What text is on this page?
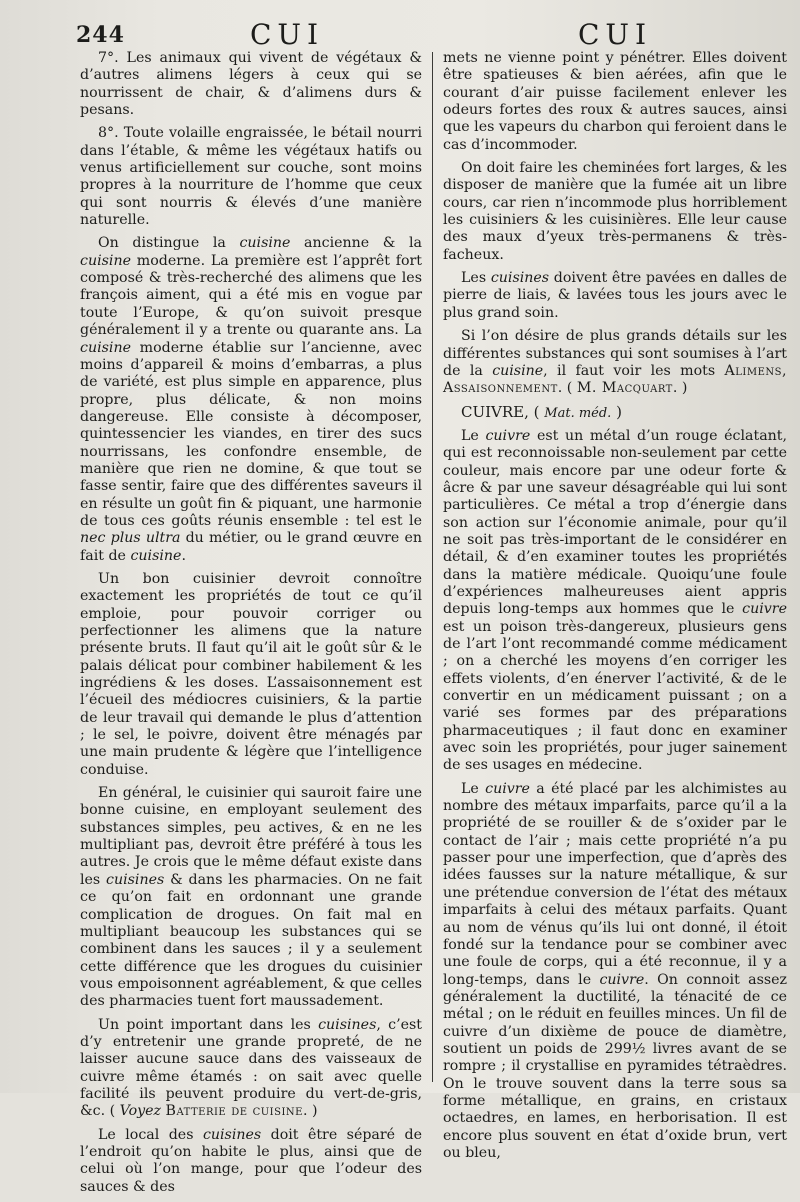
244	CUI	CUI

7°. Les animaux qui vivent de végétaux & d’autres alimens légers à ceux qui se nourrissent de chair, & d’alimens durs & pesans.

8°. Toute volaille engraissée, le bétail nourri dans l’étable, & même les végétaux hatifs ou venus artificiellement sur couche, sont moins propres à la nourriture de l’homme que ceux qui sont nourris & élevés d’une manière naturelle.

On distingue la cuisine ancienne & la cuisine moderne. La première est l’apprêt fort composé & très-recherché des alimens que les françois aiment, qui a été mis en vogue par toute l’Europe, & qu’on suivoit presque généralement il y a trente ou quarante ans. La cuisine moderne établie sur l’ancienne, avec moins d’appareil & moins d’embarras, a plus de variété, est plus simple en apparence, plus propre, plus délicate, & non moins dangereuse. Elle consiste à décomposer, quintessencier les viandes, en tirer des sucs nourrissans, les confondre ensemble, de manière que rien ne domine, & que tout se fasse sentir, faire que des différentes saveurs il en résulte un goût fin & piquant, une harmonie de tous ces goûts réunis ensemble : tel est le nec plus ultra du métier, ou le grand œuvre en fait de cuisine.

Un bon cuisinier devroit connoître exactement les propriétés de tout ce qu’il emploie, pour pouvoir corriger ou perfectionner les alimens que la nature présente bruts. Il faut qu’il ait le goût sûr & le palais délicat pour combiner habilement & les ingrédiens & les doses. L’assaisonnement est l’écueil des médiocres cuisiniers, & la partie de leur travail qui demande le plus d’attention ; le sel, le poivre, doivent être ménagés par une main prudente & légère que l’intelligence conduise.

En général, le cuisinier qui sauroit faire une bonne cuisine, en employant seulement des substances simples, peu actives, & en ne les multipliant pas, devroit être préféré à tous les autres. Je crois que le même défaut existe dans les cuisines & dans les pharmacies. On ne fait ce qu’on fait en ordonnant une grande complication de drogues. On fait mal en multipliant beaucoup les substances qui se combinent dans les sauces ; il y a seulement cette différence que les drogues du cuisinier vous empoisonnent agréablement, & que celles des pharmacies tuent fort maussadement.

Un point important dans les cuisines, c’est d’y entretenir une grande propreté, de ne laisser aucune sauce dans des vaisseaux de cuivre même étamés : on sait avec quelle facilité ils peuvent produire du vert-de-gris, &c. ( Voyez Batterie de cuisine. )

Le local des cuisines doit être séparé de l’endroit qu’on habite le plus, ainsi que de celui où l’on mange, pour que l’odeur des sauces & des

mets ne vienne point y pénétrer. Elles doivent être spatieuses & bien aérées, afin que le courant d’air puisse facilement enlever les odeurs fortes des roux & autres sauces, ainsi que les vapeurs du charbon qui feroient dans le cas d’incommoder.

On doit faire les cheminées fort larges, & les disposer de manière que la fumée ait un libre cours, car rien n’incommode plus horriblement les cuisiniers & les cuisinières. Elle leur cause des maux d’yeux très-permanens & très-facheux.

Les cuisines doivent être pavées en dalles de pierre de liais, & lavées tous les jours avec le plus grand soin.

Si l’on désire de plus grands détails sur les différentes substances qui sont soumises à l’art de la cuisine, il faut voir les mots Alimens, Assaisonnement. ( M. Macquart. )

CUIVRE, ( Mat. méd. )

Le cuivre est un métal d’un rouge éclatant, qui est reconnoissable non-seulement par cette couleur, mais encore par une odeur forte & âcre & par une saveur désagréable qui lui sont particulières. Ce métal a trop d’énergie dans son action sur l’économie animale, pour qu’il ne soit pas très-important de le considérer en détail, & d’en examiner toutes les propriétés dans la matière médicale. Quoiqu’une foule d’expériences malheureuses aient appris depuis long-temps aux hommes que le cuivre est un poison très-dangereux, plusieurs gens de l’art l’ont recommandé comme médicament ; on a cherché les moyens d’en corriger les effets violents, d’en énerver l’activité, & de le convertir en un médicament puissant ; on a varié ses formes par des préparations pharmaceutiques ; il faut donc en examiner avec soin les propriétés, pour juger sainement de ses usages en médecine.

Le cuivre a été placé par les alchimistes au nombre des métaux imparfaits, parce qu’il a la propriété de se rouiller & de s’oxider par le contact de l’air ; mais cette propriété n’a pu passer pour une imperfection, que d’après des idées fausses sur la nature métallique, & sur une prétendue conversion de l’état des métaux imparfaits à celui des métaux parfaits. Quant au nom de vénus qu’ils lui ont donné, il étoit fondé sur la tendance pour se combiner avec une foule de corps, qui a été reconnue, il y a long-temps, dans le cuivre. On connoit assez généralement la ductilité, la ténacité de ce métal ; on le réduit en feuilles minces. Un fil de cuivre d’un dixième de pouce de diamètre, soutient un poids de 299½ livres avant de se rompre ; il crystallise en pyramides tétraèdres. On le trouve souvent dans la terre sous sa forme métallique, en grains, en cristaux octaedres, en lames, en herborisation. Il est encore plus souvent en état d’oxide brun, vert ou bleu,
